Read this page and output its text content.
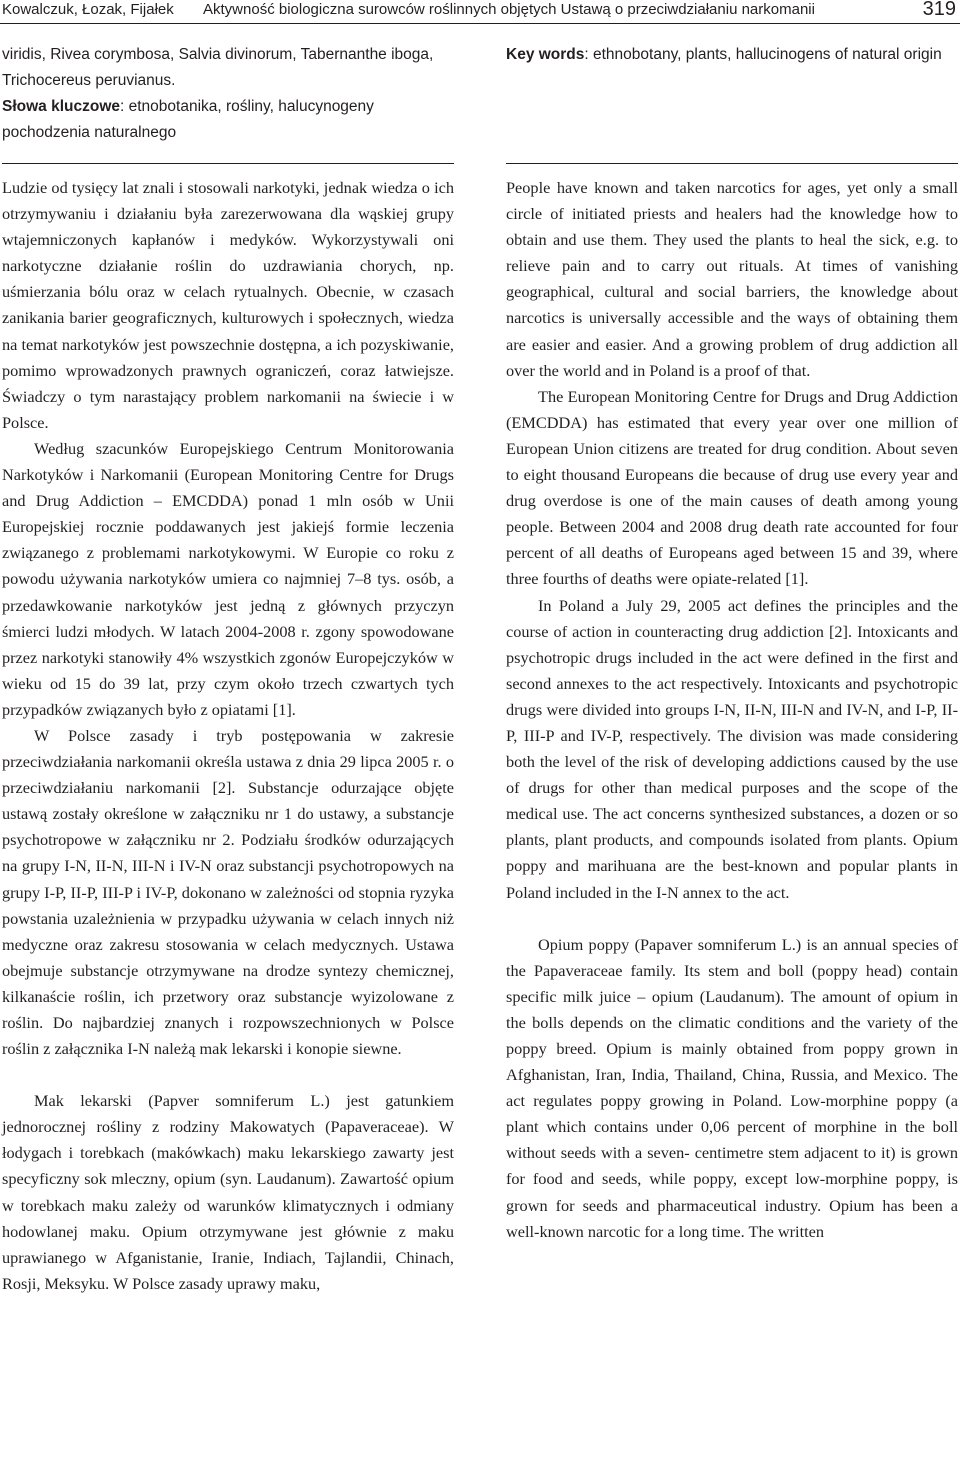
Kowalczuk, Łozak, Fijałek Aktywność biologiczna surowców roślinnych objętych Ustawą o przeciwdziałaniu narkomanii	319

viridis, Rivea corymbosa, Salvia divinorum, Tabernanthe iboga, Trichocereus peruvianus.

Słowa kluczowe: etnobotanika, rośliny, halucynogeny pochodzenia naturalnego

Key words: ethnobotany, plants, hallucinogens of natural origin

Ludzie od tysięcy lat znali i stosowali narkotyki, jednak wiedza o ich otrzymywaniu i działaniu była zarezerwowana dla wąskiej grupy wtajemniczonych kapłanów i medyków. Wykorzystywali oni narkotyczne działanie roślin do uzdrawiania chorych, np. uśmierzania bólu oraz w celach rytualnych. Obecnie, w czasach zanikania barier geograficznych, kulturowych i społecznych, wiedza na temat narkotyków jest powszechnie dostępna, a ich pozyskiwanie, pomimo wprowadzonych prawnych ograniczeń, coraz łatwiejsze. Świadczy o tym narastający problem narkomanii na świecie i w Polsce.

Według szacunków Europejskiego Centrum Monitorowania Narkotyków i Narkomanii (European Monitoring Centre for Drugs and Drug Addiction – EMCDDA) ponad 1 mln osób w Unii Europejskiej rocznie poddawanych jest jakiejś formie leczenia związanego z problemami narkotykowymi. W Europie co roku z powodu używania narkotyków umiera co najmniej 7–8 tys. osób, a przedawkowanie narkotyków jest jedną z głównych przyczyn śmierci ludzi młodych. W latach 2004-2008 r. zgony spowodowane przez narkotyki stanowiły 4% wszystkich zgonów Europejczyków w wieku od 15 do 39 lat, przy czym około trzech czwartych tych przypadków związanych było z opiatami [1].

W Polsce zasady i tryb postępowania w zakresie przeciwdziałania narkomanii określa ustawa z dnia 29 lipca 2005 r. o przeciwdziałaniu narkomanii [2]. Substancje odurzające objęte ustawą zostały określone w załączniku nr 1 do ustawy, a substancje psychotropowe w załączniku nr 2. Podziału środków odurzających na grupy I-N, II-N, III-N i IV-N oraz substancji psychotropowych na grupy I-P, II-P, III-P i IV-P, dokonano w zależności od stopnia ryzyka powstania uzależnienia w przypadku używania w celach innych niż medyczne oraz zakresu stosowania w celach medycznych. Ustawa obejmuje substancje otrzymywane na drodze syntezy chemicznej, kilkanaście roślin, ich przetwory oraz substancje wyizolowane z roślin. Do najbardziej znanych i rozpowszechnionych w Polsce roślin z załącznika I-N należą mak lekarski i konopie siewne.

Mak lekarski (Papver somniferum L.) jest gatunkiem jednorocznej rośliny z rodziny Makowatych (Papaveraceae). W łodygach i torebkach (makówkach) maku lekarskiego zawarty jest specyficzny sok mleczny, opium (syn. Laudanum). Zawartość opium w torebkach maku zależy od warunków klimatycznych i odmiany hodowlanej maku. Opium otrzymywane jest głównie z maku uprawianego w Afganistanie, Iranie, Indiach, Tajlandii, Chinach, Rosji, Meksyku. W Polsce zasady uprawy maku,

People have known and taken narcotics for ages, yet only a small circle of initiated priests and healers had the knowledge how to obtain and use them. They used the plants to heal the sick, e.g. to relieve pain and to carry out rituals. At times of vanishing geographical, cultural and social barriers, the knowledge about narcotics is universally accessible and the ways of obtaining them are easier and easier. And a growing problem of drug addiction all over the world and in Poland is a proof of that.

The European Monitoring Centre for Drugs and Drug Addiction (EMCDDA) has estimated that every year over one million of European Union citizens are treated for drug condition. About seven to eight thousand Europeans die because of drug use every year and drug overdose is one of the main causes of death among young people. Between 2004 and 2008 drug death rate accounted for four percent of all deaths of Europeans aged between 15 and 39, where three fourths of deaths were opiate-related [1].

In Poland a July 29, 2005 act defines the principles and the course of action in counteracting drug addiction [2]. Intoxicants and psychotropic drugs included in the act were defined in the first and second annexes to the act respectively. Intoxicants and psychotropic drugs were divided into groups I-N, II-N, III-N and IV-N, and I-P, II-P, III-P and IV-P, respectively. The division was made considering both the level of the risk of developing addictions caused by the use of drugs for other than medical purposes and the scope of the medical use. The act concerns synthesized substances, a dozen or so plants, plant products, and compounds isolated from plants. Opium poppy and marihuana are the best-known and popular plants in Poland included in the I-N annex to the act.

Opium poppy (Papaver somniferum L.) is an annual species of the Papaveraceae family. Its stem and boll (poppy head) contain specific milk juice – opium (Laudanum). The amount of opium in the bolls depends on the climatic conditions and the variety of the poppy breed. Opium is mainly obtained from poppy grown in Afghanistan, Iran, India, Thailand, China, Russia, and Mexico. The act regulates poppy growing in Poland. Low-morphine poppy (a plant which contains under 0,06 percent of morphine in the boll without seeds with a seven- centimetre stem adjacent to it) is grown for food and seeds, while poppy, except low-morphine poppy, is grown for seeds and pharmaceutical industry. Opium has been a well-known narcotic for a long time. The written
